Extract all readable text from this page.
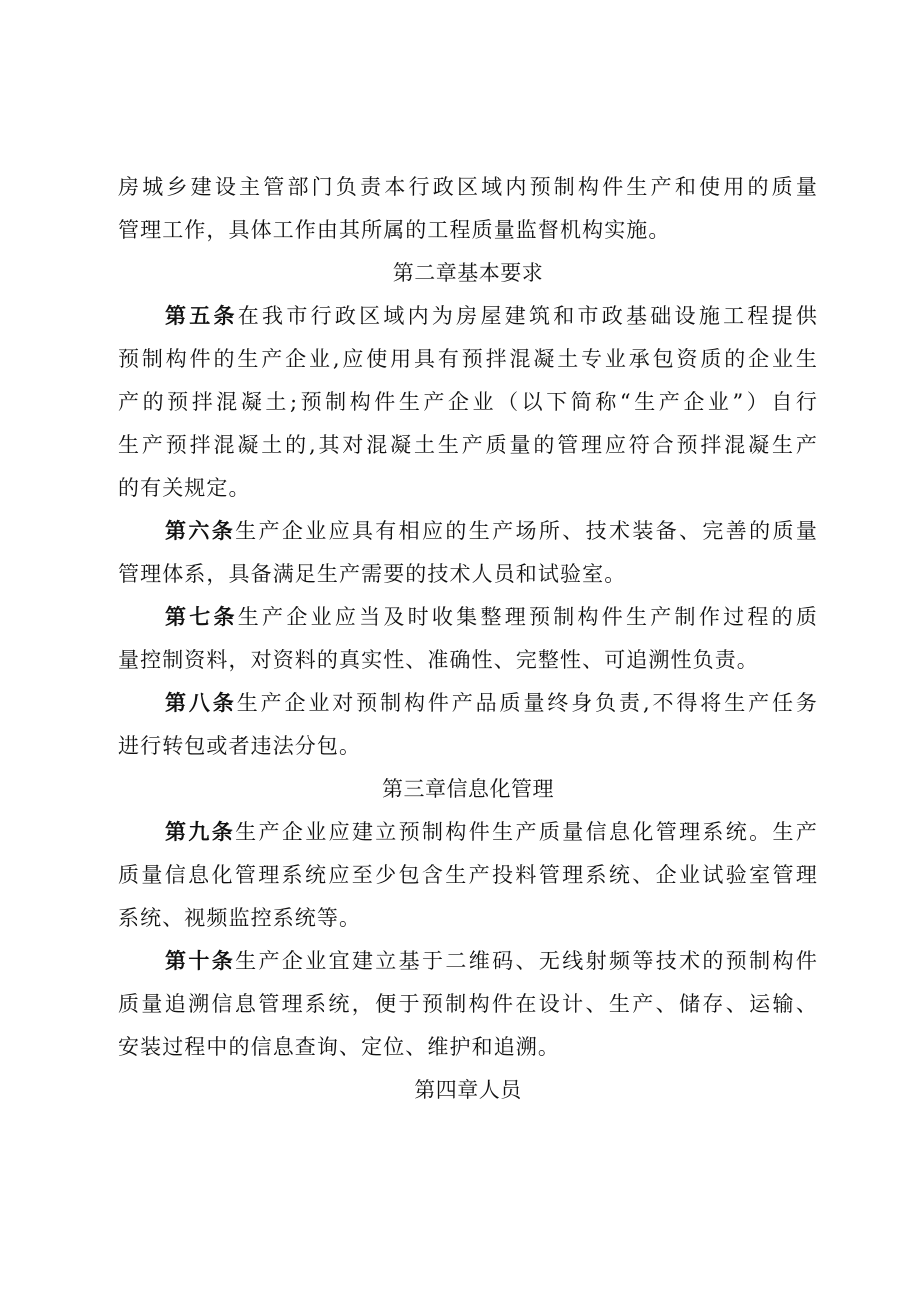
房城乡建设主管部门负责本行政区域内预制构件生产和使用的质量
管理工作，具体工作由其所属的工程质量监督机构实施。
第二章基本要求
第五条在我市行政区域内为房屋建筑和市政基础设施工程提供
预制构件的生产企业,应使用具有预拌混凝土专业承包资质的企业生
产的预拌混凝土;预制构件生产企业（以下简称“生产企业”）自行
生产预拌混凝土的,其对混凝土生产质量的管理应符合预拌混凝生产
的有关规定。
第六条生产企业应具有相应的生产场所、技术装备、完善的质量
管理体系，具备满足生产需要的技术人员和试验室。
第七条生产企业应当及时收集整理预制构件生产制作过程的质
量控制资料，对资料的真实性、准确性、完整性、可追溯性负责。
第八条生产企业对预制构件产品质量终身负责,不得将生产任务
进行转包或者违法分包。
第三章信息化管理
第九条生产企业应建立预制构件生产质量信息化管理系统。生产
质量信息化管理系统应至少包含生产投料管理系统、企业试验室管理
系统、视频监控系统等。
第十条生产企业宜建立基于二维码、无线射频等技术的预制构件
质量追溯信息管理系统，便于预制构件在设计、生产、储存、运输、
安装过程中的信息查询、定位、维护和追溯。
第四章人员
